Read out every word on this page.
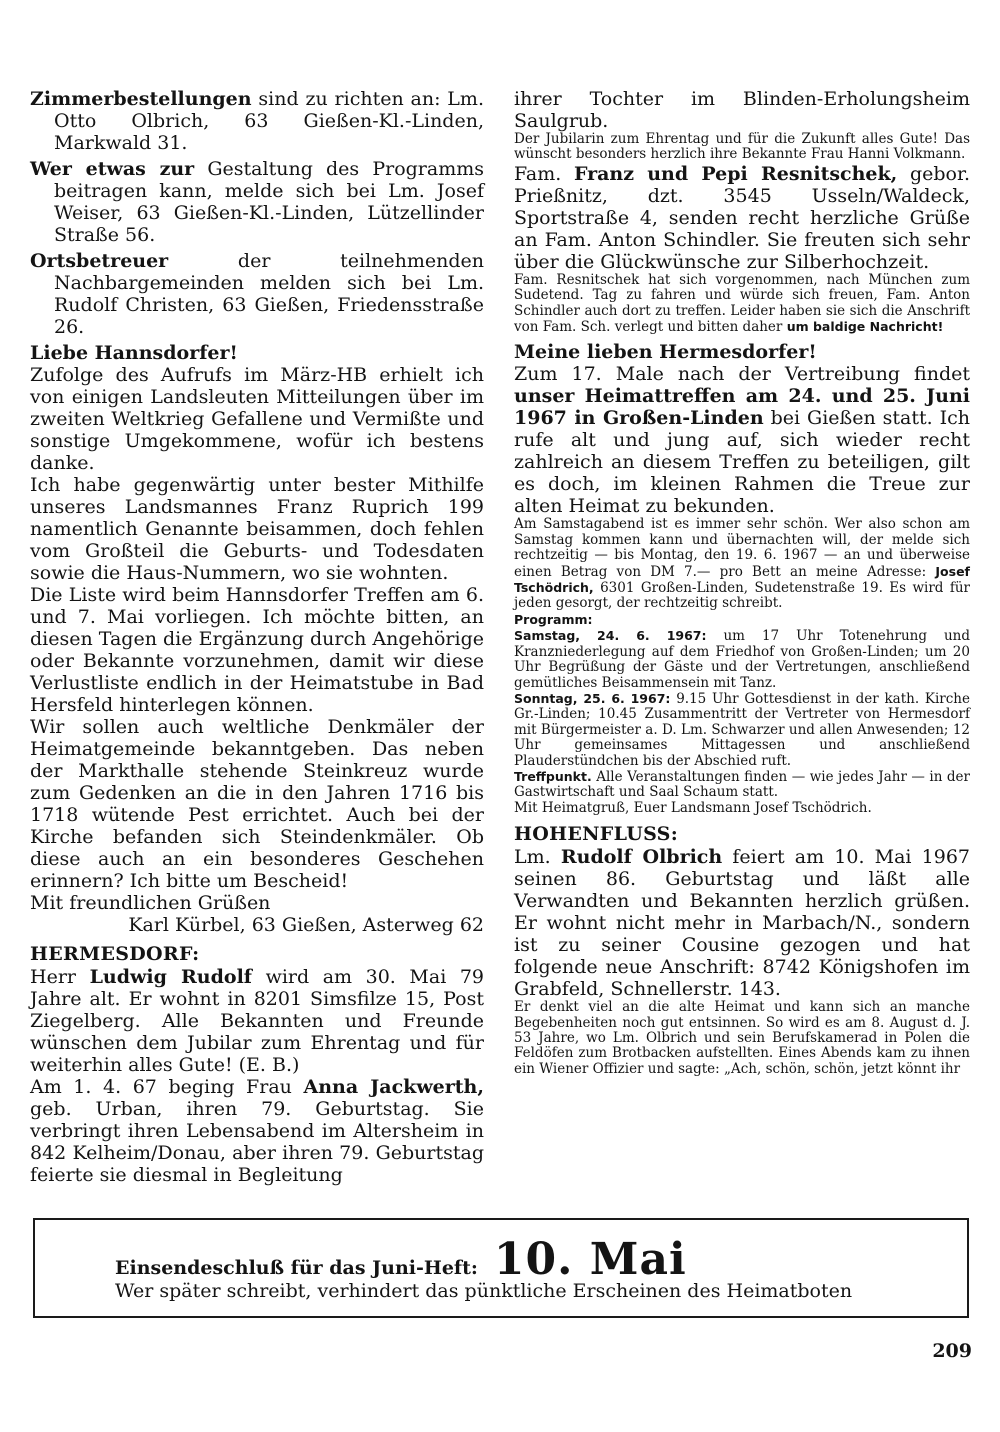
Zimmerbestellungen sind zu richten an: Lm. Otto Olbrich, 63 Gießen-Kl.-Linden, Markwald 31.

Wer etwas zur Gestaltung des Programms beitragen kann, melde sich bei Lm. Josef Weiser, 63 Gießen-Kl.-Linden, Lützellinder Straße 56.

Ortsbetreuer	der teilnehmenden Nachbargemeinden melden sich bei Lm. Rudolf Christen, 63 Gießen, Friedensstraße 26.

Liebe Hannsdorfer!

Zufolge des Aufrufs im März-HB erhielt ich von einigen Landsleuten Mitteilungen über im zweiten Weltkrieg Gefallene und Vermißte und sonstige Umgekommene, wofür ich bestens danke.

Ich habe gegenwärtig unter bester Mithilfe unseres Landsmannes Franz Ruprich 199 namentlich Genannte beisammen, doch fehlen vom Großteil die Geburts- und Todesdaten sowie die Haus-Nummern, wo sie wohnten.

Die Liste wird beim Hannsdorfer Treffen am 6. und 7. Mai vorliegen. Ich möchte bitten, an diesen Tagen die Ergänzung durch Angehörige oder Bekannte vorzunehmen, damit wir diese Verlustliste endlich in der Heimatstube in Bad Hersfeld hinterlegen können.

Wir sollen auch weltliche Denkmäler der Heimatgemeinde bekanntgeben. Das neben der Markthalle stehende Steinkreuz wurde zum Gedenken an die in den Jahren 1716 bis 1718 wütende Pest errichtet. Auch bei der Kirche befanden sich Steindenkmäler. Ob diese auch an ein besonderes Geschehen erinnern? Ich bitte um Bescheid!

Mit freundlichen Grüßen

Karl Kürbel, 63 Gießen, Asterweg 62

HERMESDORF:

Herr Ludwig Rudolf wird am 30. Mai 79 Jahre alt. Er wohnt in 8201 Simsfilze 15, Post Ziegelberg. Alle Bekannten und Freunde wünschen dem Jubilar zum Ehrentag und für weiterhin alles Gute! (E. B.)

Am 1. 4. 67 beging Frau Anna Jackwerth, geb. Urban, ihren 79. Geburtstag. Sie verbringt ihren Lebensabend im Altersheim in 842 Kelheim/Donau, aber ihren 79. Geburtstag feierte sie diesmal in Begleitung

ihrer Tochter im Blinden-Erholungsheim Saulgrub.

Der Jubilarin zum Ehrentag und für die Zukunft alles Gute! Das wünscht besonders herzlich ihre Bekannte Frau Hanni Volkmann.

Fam. Franz und Pepi Resnitschek, gebor. Prießnitz, dzt. 3545 Usseln/Waldeck, Sportstraße 4, senden recht herzliche Grüße an Fam. Anton Schindler. Sie freuten sich sehr über die Glückwünsche zur Silberhochzeit.

Fam. Resnitschek hat sich vorgenommen, nach München zum Sudetend. Tag zu fahren und würde sich freuen, Fam. Anton Schindler auch dort zu treffen. Leider haben sie sich die Anschrift von Fam. Sch. verlegt und bitten daher um baldige Nachricht!

Meine lieben Hermesdorfer!

Zum 17. Male nach der Vertreibung findet unser Heimattreffen am 24. und 25. Juni 1967 in Großen-Linden bei Gießen statt. Ich rufe alt und jung auf, sich wieder recht zahlreich an diesem Treffen zu beteiligen, gilt es doch, im kleinen Rahmen die Treue zur alten Heimat zu bekunden.

Am Samstagabend ist es immer sehr schön. Wer also schon am Samstag kommen kann und übernachten will, der melde sich rechtzeitig — bis Montag, den 19. 6. 1967 — an und überweise einen Betrag von DM 7.— pro Bett an meine Adresse: Josef Tschödrich, 6301 Großen-Linden, Sudetenstraße 19. Es wird für jeden gesorgt, der rechtzeitig schreibt.

Programm:

Samstag, 24. 6. 1967: um 17 Uhr Totenehrung und Kranzniederlegung auf dem Friedhof von Großen-Linden; um 20 Uhr Begrüßung der Gäste und der Vertretungen, anschließend gemütliches Beisammensein mit Tanz.

Sonntag, 25. 6. 1967: 9.15 Uhr Gottesdienst in der kath. Kirche Gr.-Linden; 10.45 Zusammentritt der Vertreter von Hermesdorf mit Bürgermeister a. D. Lm. Schwarzer und allen Anwesenden; 12 Uhr gemeinsames Mittagessen und anschließend Plauderstündchen bis der Abschied ruft.

Treffpunkt. Alle Veranstaltungen finden — wie jedes Jahr — in der Gastwirtschaft und Saal Schaum statt.

Mit Heimatgruß, Euer Landsmann Josef Tschödrich.

HOHENFLUSS:

Lm. Rudolf Olbrich feiert am 10. Mai 1967 seinen 86. Geburtstag und läßt alle Verwandten und Bekannten herzlich grüßen. Er wohnt nicht mehr in Marbach/N., sondern ist zu seiner Cousine gezogen und hat folgende neue Anschrift: 8742 Königshofen im Grabfeld, Schnellerstr. 143.

Er denkt viel an die alte Heimat und kann sich an manche Begebenheiten noch gut entsinnen. So wird es am 8. August d. J. 53 Jahre, wo Lm. Olbrich und sein Berufskamerad in Polen die Feldöfen zum Brotbacken aufstellten. Eines Abends kam zu ihnen ein Wiener Offizier und sagte: „Ach, schön, schön, jetzt könnt ihr

Einsendeschluß für das Juni-Heft: 10. Mai
Wer später schreibt, verhindert das pünktliche Erscheinen des Heimatboten
209
